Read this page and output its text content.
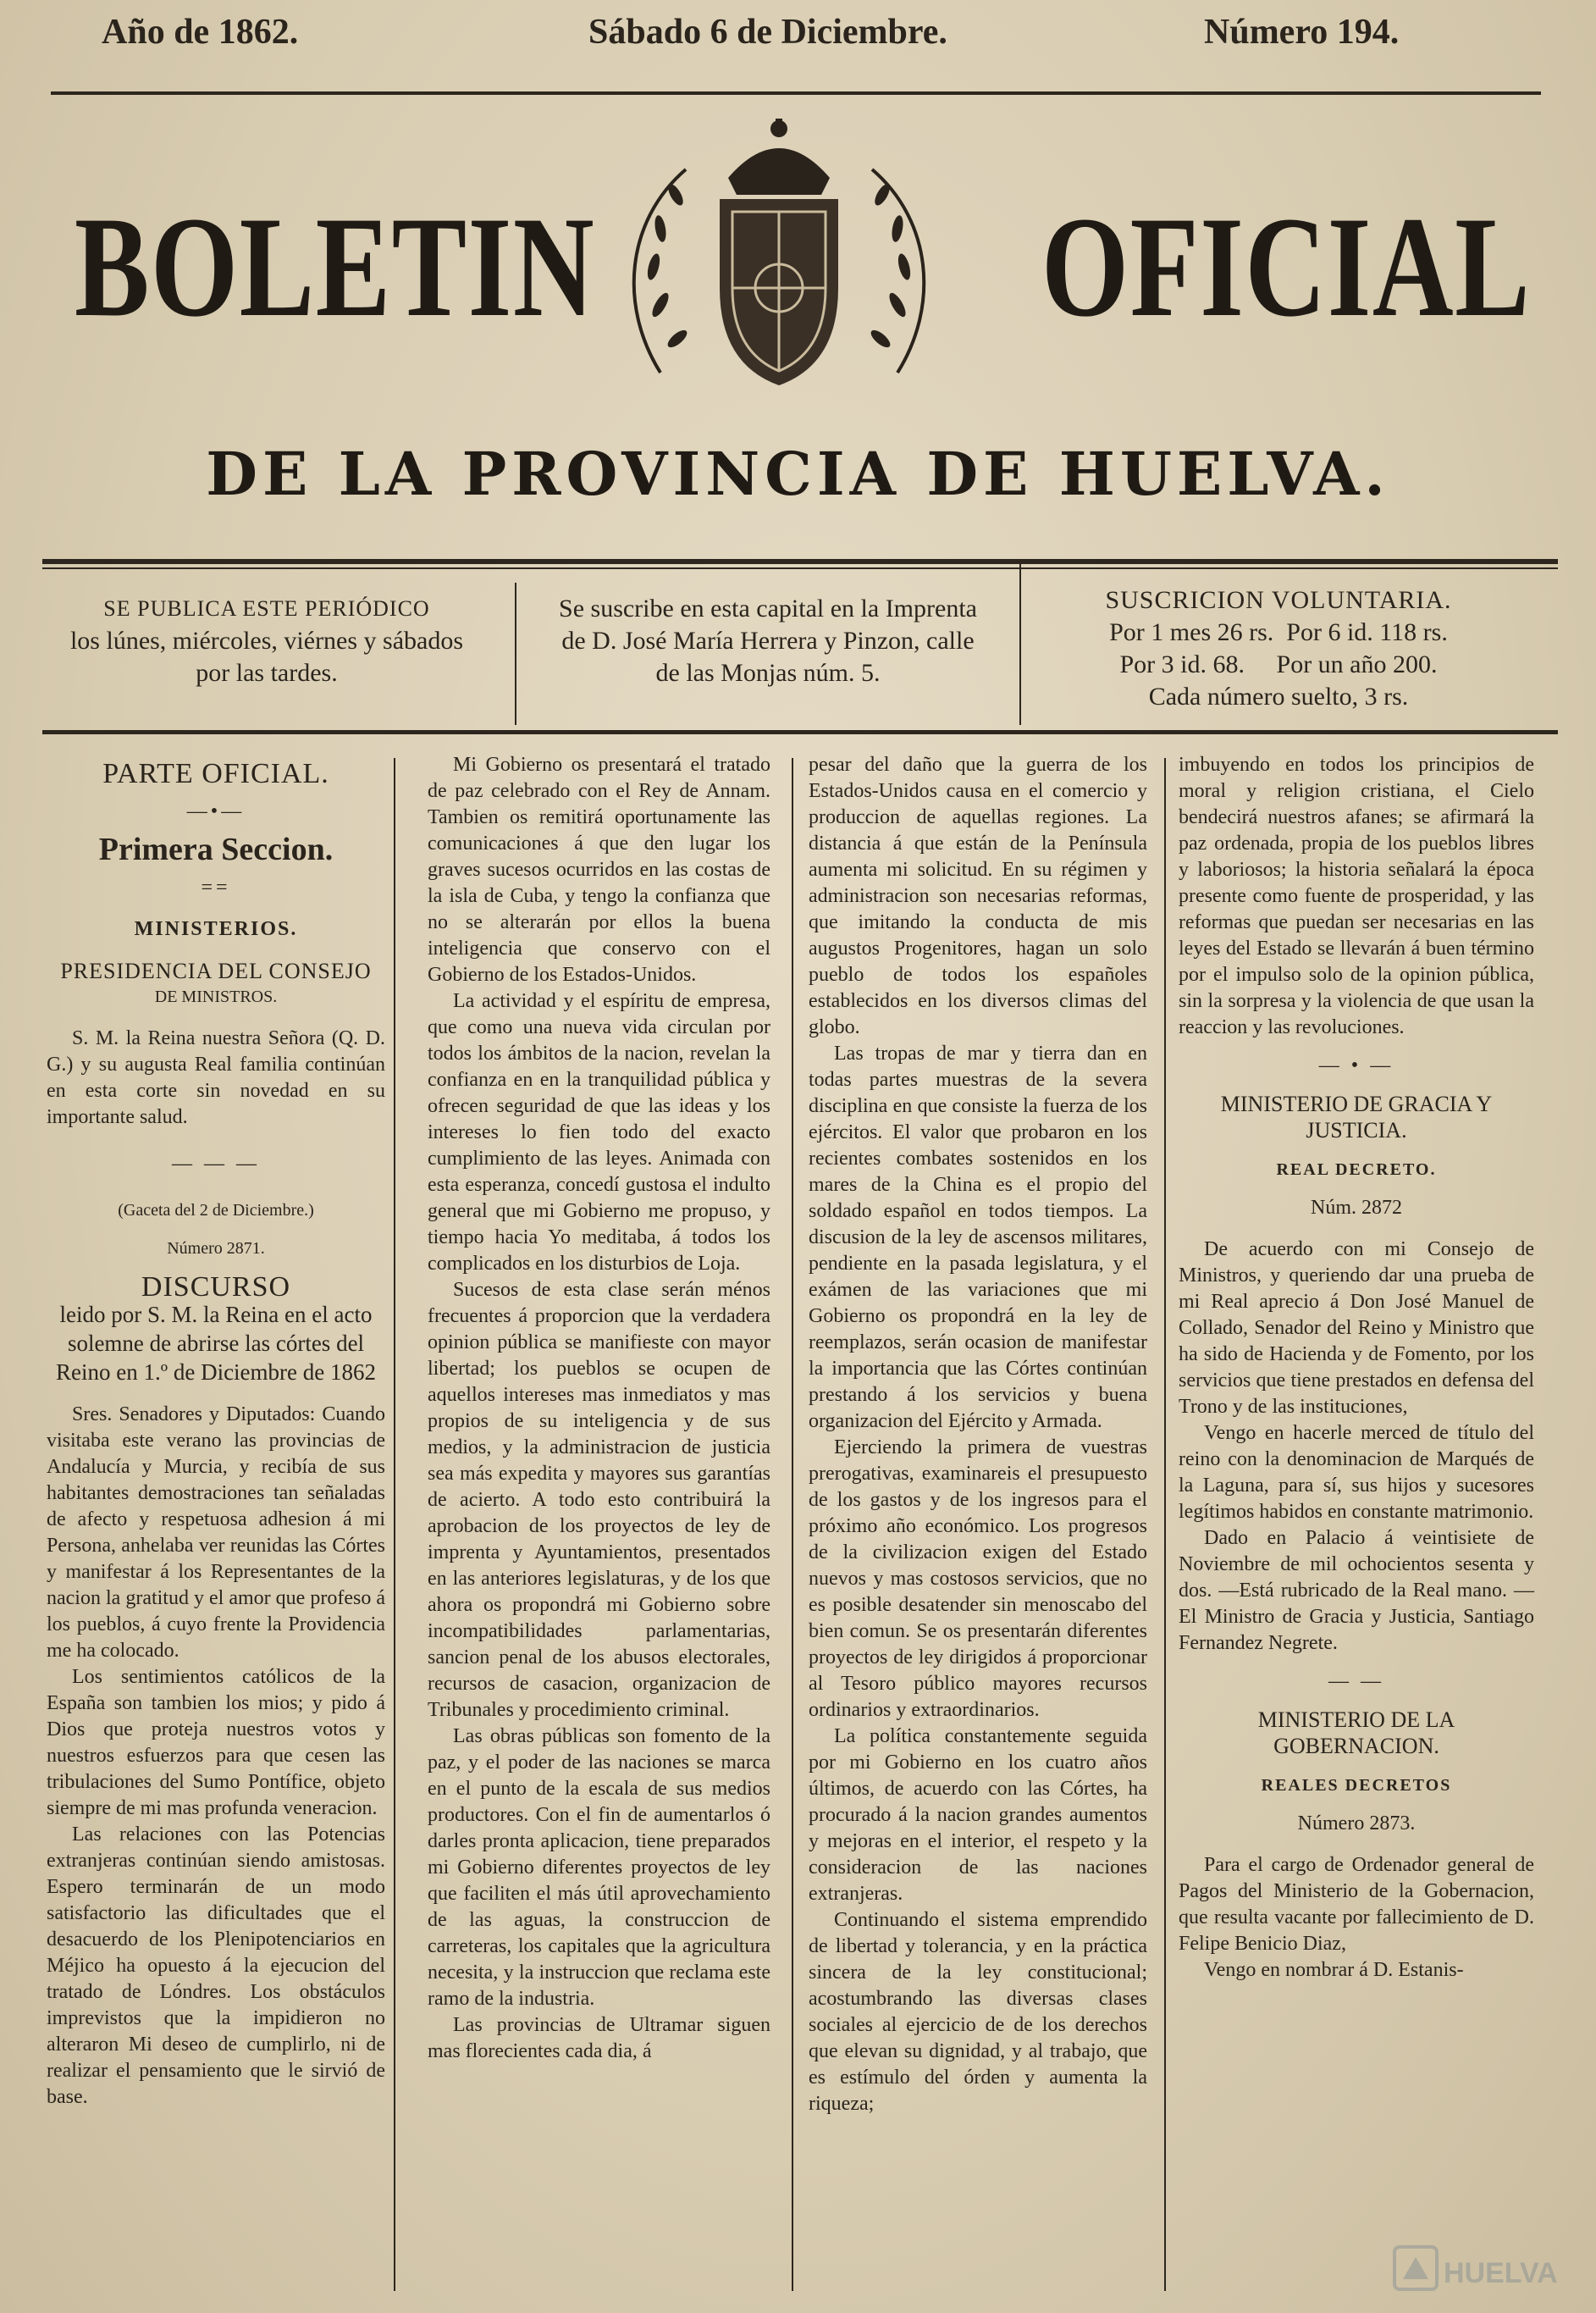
Año de 1862.	Sábado 6 de Diciembre.	Número 194.
BOLETIN	OFICIAL
DE LA PROVINCIA DE HUELVA.
SE PUBLICA ESTE PERIÓDICO
los lúnes, miércoles, viérnes y sábados
por las tardes.
Se suscribe en esta capital en la Imprenta
de D. José María Herrera y Pinzon, calle
de las Monjas núm. 5.
SUSCRICION VOLUNTARIA.
Por 1 mes 26 rs.  Por 6 id. 118 rs.
Por 3 id. 68.     Por un año 200.
Cada número suelto, 3 rs.

PARTE OFICIAL.

—•—

Primera Seccion.

==

MINISTERIOS.

PRESIDENCIA DEL CONSEJO

DE MINISTROS.

S. M. la Reina nuestra Señora (Q. D. G.) y su augusta Real familia continúan en esta corte sin novedad en su importante salud.

— — —

(Gaceta del 2 de Diciembre.)

Número 2871.

DISCURSO

leido por S. M. la Reina en el acto solemne de abrirse las córtes del Reino en 1.º de Diciembre de 1862

Sres. Senadores y Diputados: Cuando visitaba este verano las provincias de Andalucía y Murcia, y recibía de sus habitantes demostraciones tan señaladas de afecto y respetuosa adhesion á mi Persona, anhelaba ver reunidas las Córtes y manifestar á los Representantes de la nacion la gratitud y el amor que profeso á los pueblos, á cuyo frente la Providencia me ha colocado.

Los sentimientos católicos de la España son tambien los mios; y pido á Dios que proteja nuestros votos y nuestros esfuerzos para que cesen las tribulaciones del Sumo Pontífice, objeto siempre de mi mas profunda veneracion.

Las relaciones con las Potencias extranjeras continúan siendo amistosas. Espero terminarán de un modo satisfactorio las dificultades que el desacuerdo de los Plenipotenciarios en Méjico ha opuesto á la ejecucion del tratado de Lóndres. Los obstáculos imprevistos que la impidieron no alteraron Mi deseo de cumplirlo, ni de realizar el pensamiento que le sirvió de base.

Mi Gobierno os presentará el tratado de paz celebrado con el Rey de Annam. Tambien os remitirá oportunamente las comunicaciones á que den lugar los graves sucesos ocurridos en las costas de la isla de Cuba, y tengo la confianza que no se alterarán por ellos la buena inteligencia que conservo con el Gobierno de los Estados-Unidos.

La actividad y el espíritu de empresa, que como una nueva vida circulan por todos los ámbitos de la nacion, revelan la confianza en en la tranquilidad pública y ofrecen seguridad de que las ideas y los intereses lo fien todo del exacto cumplimiento de las leyes. Animada con esta esperanza, concedí gustosa el indulto general que mi Gobierno me propuso, y tiempo hacia Yo meditaba, á todos los complicados en los disturbios de Loja.

Sucesos de esta clase serán ménos frecuentes á proporcion que la verdadera opinion pública se manifieste con mayor libertad; los pueblos se ocupen de aquellos intereses mas inmediatos y mas propios de su inteligencia y de sus medios, y la administracion de justicia sea más expedita y mayores sus garantías de acierto. A todo esto contribuirá la aprobacion de los proyectos de ley de imprenta y Ayuntamientos, presentados en las anteriores legislaturas, y de los que ahora os propondrá mi Gobierno sobre incompatibilidades parlamentarias, sancion penal de los abusos electorales, recursos de casacion, organizacion de Tribunales y procedimiento criminal.

Las obras públicas son fomento de la paz, y el poder de las naciones se marca en el punto de la escala de sus medios productores. Con el fin de aumentarlos ó darles pronta aplicacion, tiene preparados mi Gobierno diferentes proyectos de ley que faciliten el más útil aprovechamiento de las aguas, la construccion de carreteras, los capitales que la agricultura necesita, y la instruccion que reclama este ramo de la industria.

Las provincias de Ultramar siguen mas florecientes cada dia, á

pesar del daño que la guerra de los Estados-Unidos causa en el comercio y produccion de aquellas regiones. La distancia á que están de la Península aumenta mi solicitud. En su régimen y administracion son necesarias reformas, que imitando la conducta de mis augustos Progenitores, hagan un solo pueblo de todos los españoles establecidos en los diversos climas del globo.

Las tropas de mar y tierra dan en todas partes muestras de la severa disciplina en que consiste la fuerza de los ejércitos. El valor que probaron en los recientes combates sostenidos en los mares de la China es el propio del soldado español en todos tiempos. La discusion de la ley de ascensos militares, pendiente en la pasada legislatura, y el exámen de las variaciones que mi Gobierno os propondrá en la ley de reemplazos, serán ocasion de manifestar la importancia que las Córtes continúan prestando á los servicios y buena organizacion del Ejército y Armada.

Ejerciendo la primera de vuestras prerogativas, examinareis el presupuesto de los gastos y de los ingresos para el próximo año económico. Los progresos de la civilizacion exigen del Estado nuevos y mas costosos servicios, que no es posible desatender sin menoscabo del bien comun. Se os presentarán diferentes proyectos de ley dirigidos á proporcionar al Tesoro público mayores recursos ordinarios y extraordinarios.

La política constantemente seguida por mi Gobierno en los cuatro años últimos, de acuerdo con las Córtes, ha procurado á la nacion grandes aumentos y mejoras en el interior, el respeto y la consideracion de las naciones extranjeras.

Continuando el sistema emprendido de libertad y tolerancia, y en la práctica sincera de la ley constitucional; acostumbrando las diversas clases sociales al ejercicio de de los derechos que elevan su dignidad, y al trabajo, que es estímulo del órden y aumenta la riqueza;

imbuyendo en todos los principios de moral y religion cristiana, el Cielo bendecirá nuestros afanes; se afirmará la paz ordenada, propia de los pueblos libres y laboriosos; la historia señalará la época presente como fuente de prosperidad, y las reformas que puedan ser necesarias en las leyes del Estado se llevarán á buen término por el impulso solo de la opinion pública, sin la sorpresa y la violencia de que usan la reaccion y las revoluciones.

— • —

MINISTERIO DE GRACIA Y JUSTICIA.

REAL DECRETO.

Núm. 2872

De acuerdo con mi Consejo de Ministros, y queriendo dar una prueba de mi Real aprecio á Don José Manuel de Collado, Senador del Reino y Ministro que ha sido de Hacienda y de Fomento, por los servicios que tiene prestados en defensa del Trono y de las instituciones,

Vengo en hacerle merced de título del reino con la denominacion de Marqués de la Laguna, para sí, sus hijos y sucesores legítimos habidos en constante matrimonio.

Dado en Palacio á veintisiete de Noviembre de mil ochocientos sesenta y dos. —Está rubricado de la Real mano. —El Ministro de Gracia y Justicia, Santiago Fernandez Negrete.

— —

MINISTERIO DE LA GOBERNACION.

REALES DECRETOS

Número 2873.

Para el cargo de Ordenador general de Pagos del Ministerio de la Gobernacion, que resulta vacante por fallecimiento de D. Felipe Benicio Diaz,

Vengo en nombrar á D. Estanis-

HUELVA
